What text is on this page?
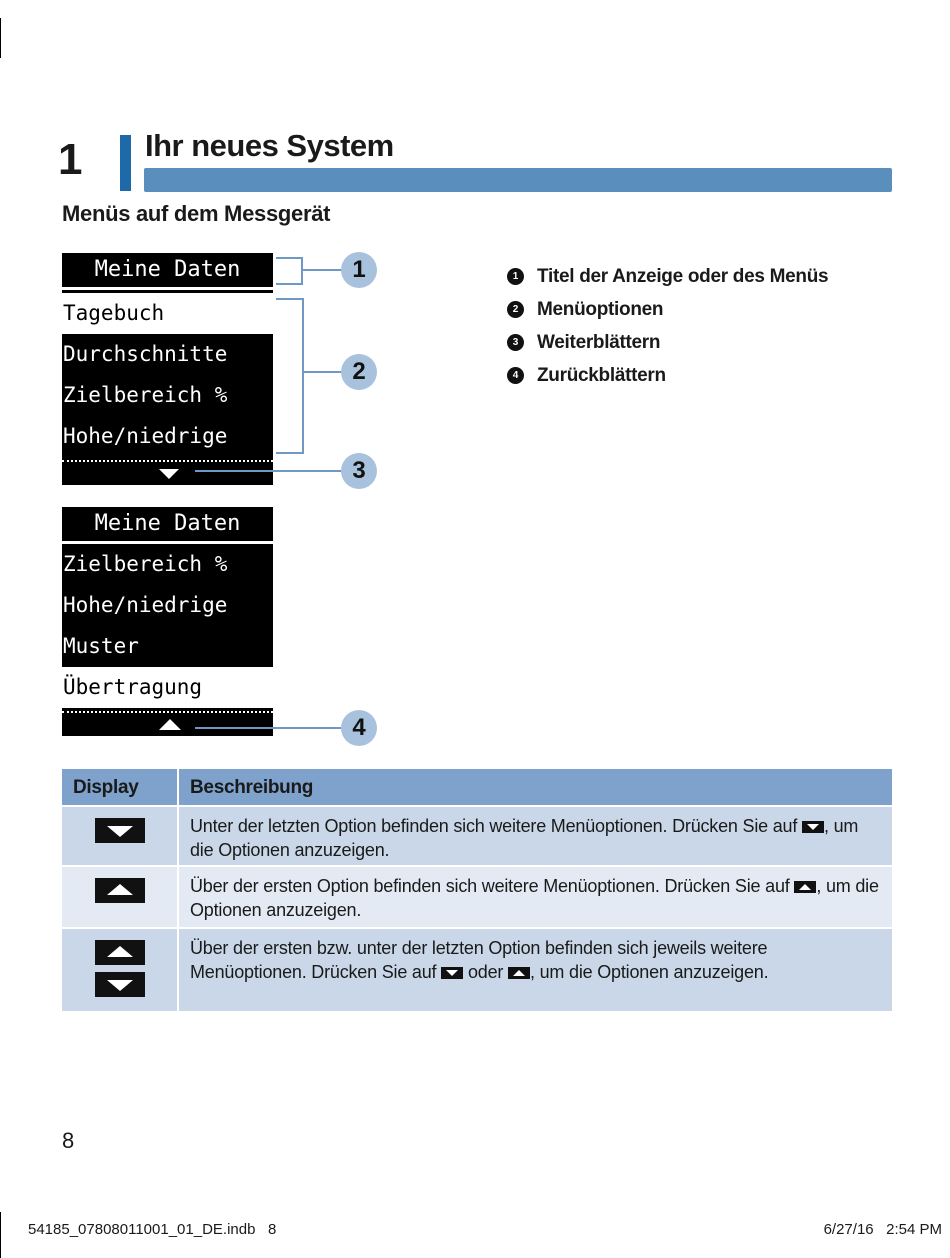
1 Ihr neues System
Menüs auf dem Messgerät
Meine Daten
Tagebuch
Durchschnitte
Zielbereich %
Hohe/niedrige
Meine Daten
Zielbereich %
Hohe/niedrige
Muster
Übertragung
1
2
3
4
1 Titel der Anzeige oder des Menüs
2 Menüoptionen
3 Weiterblättern
4 Zurückblättern
Display	Beschreibung
Unter der letzten Option befinden sich weitere Menüoptionen. Drücken Sie auf
, um die Optionen anzuzeigen.
Über der ersten Option befinden sich weitere Menüoptionen. Drücken Sie auf
, um die Optionen anzuzeigen.
Über der ersten bzw. unter der letzten Option befinden sich jeweils weitere Menüoptionen. Drücken Sie auf
oder
, um die Optionen anzuzeigen.
8
54185_07808011001_01_DE.indb   8	6/27/16   2:54 PM
